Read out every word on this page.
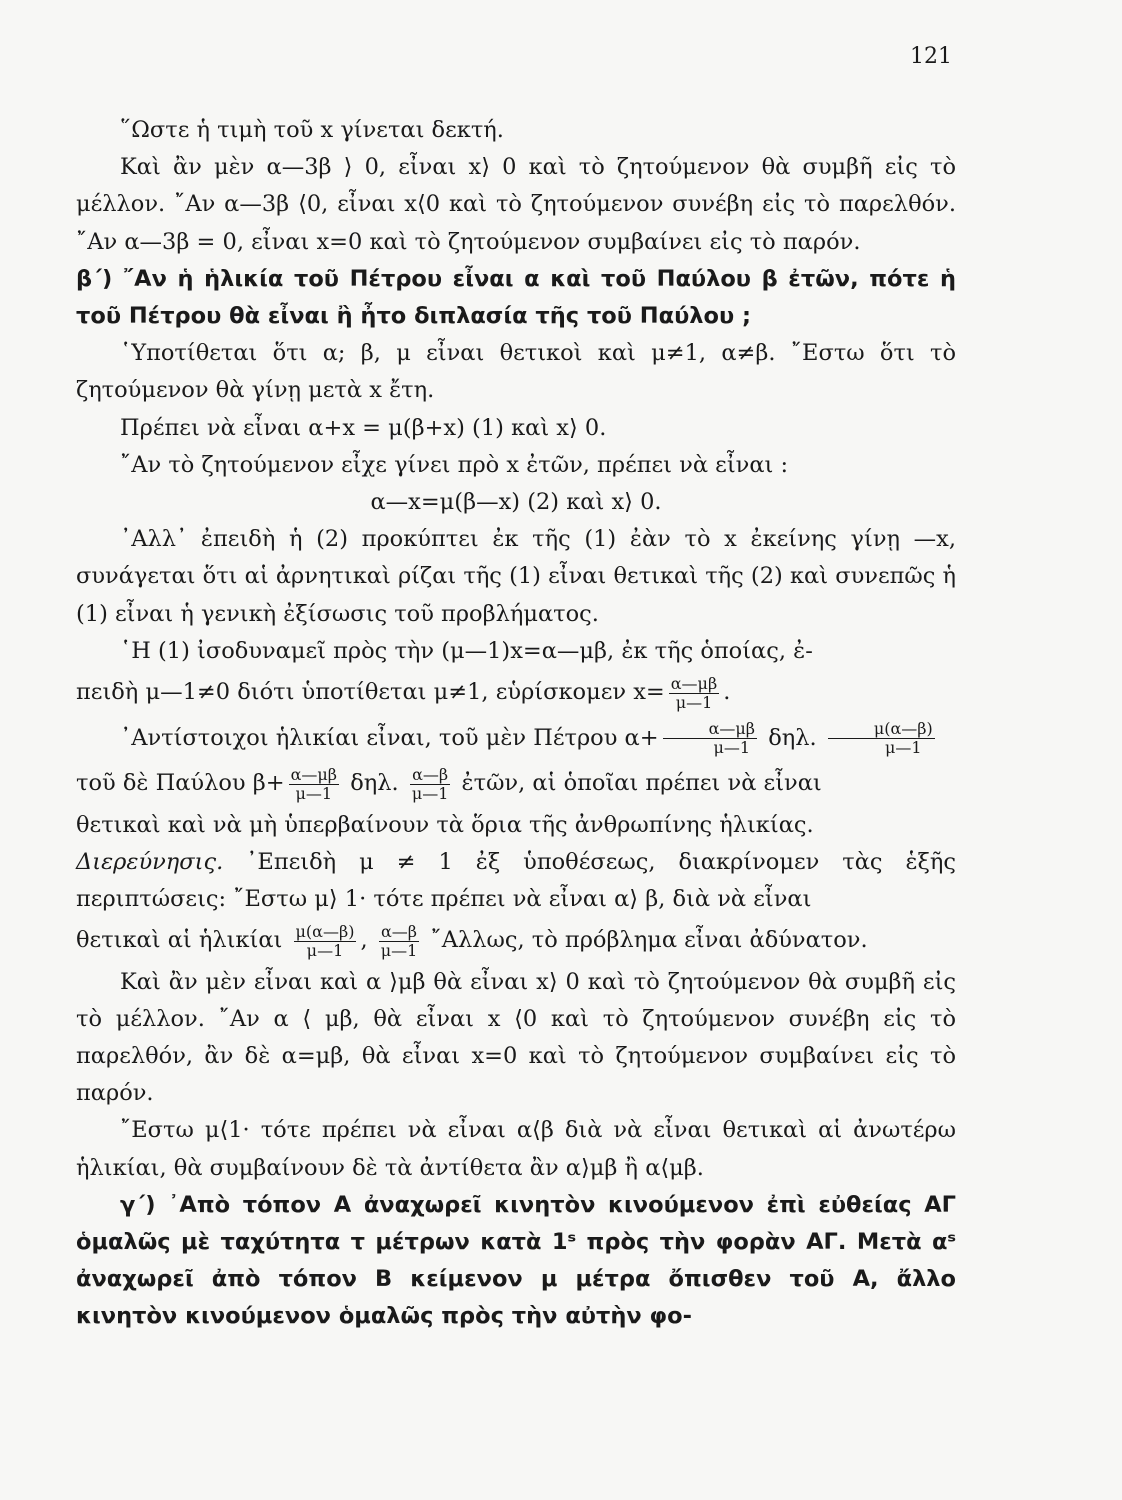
121

῞Ωστε ἡ τιμὴ τοῦ x γίνεται δεκτή.

Καὶ ἂν μὲν α—3β ⟩ 0, εἶναι x⟩ 0 καὶ τὸ ζητούμενον θὰ συμβῆ εἰς τὸ μέλλον. ῎Αν α—3β ⟨0, εἶναι x⟨0 καὶ τὸ ζητούμενον συνέβη εἰς τὸ παρελθόν. ῎Αν α—3β = 0, εἶναι x=0 καὶ τὸ ζητούμενον συμβαίνει εἰς τὸ παρόν.

β΄) ῎Αν ἡ ἡλικία τοῦ Πέτρου εἶναι α καὶ τοῦ Παύλου β ἐτῶν, πότε ἡ τοῦ Πέτρου θὰ εἶναι ἢ ἦτο διπλασία τῆς τοῦ Παύλου ;

῾Υποτίθεται ὅτι α; β, μ εἶναι θετικοὶ καὶ μ≠1, α≠β. ῎Εστω ὅτι τὸ ζητούμενον θὰ γίνῃ μετὰ x ἔτη.

Πρέπει νὰ εἶναι α+x = μ(β+x) (1) καὶ x⟩ 0.

῎Αν τὸ ζητούμενον εἶχε γίνει πρὸ x ἐτῶν, πρέπει νὰ εἶναι :

α—x=μ(β—x) (2) καὶ x⟩ 0.

᾿Αλλ᾿ ἐπειδὴ ἡ (2) προκύπτει ἐκ τῆς (1) ἐὰν τὸ x ἐκείνης γίνῃ —x, συνάγεται ὅτι αἱ ἀρνητικαὶ ρίζαι τῆς (1) εἶναι θετικαὶ τῆς (2) καὶ συνεπῶς ἡ (1) εἶναι ἡ γενικὴ ἐξίσωσις τοῦ προβλήματος.

῾Η (1) ἰσοδυναμεῖ πρὸς τὴν (μ—1)x=α—μβ, ἐκ τῆς ὁποίας, ἐ-

πειδὴ μ—1≠0 διότι ὑποτίθεται μ≠1, εὑρίσκομεν $x= \frac{\alpha—\mu\beta}{\mu—1}$ .

᾿Αντίστοιχοι ἡλικίαι εἶναι, τοῦ μὲν Πέτρου $\alpha+ \frac{\alpha—\mu\beta}{\mu—1} \delta\eta\lambda$. $\frac{\mu(\alpha—\beta)}{\mu—1}$

τοῦ δὲ Παύλου $\beta+ \frac{\alpha—\mu\beta}{\mu—1} \delta\eta\lambda$. $\frac{\alpha—\beta}{\mu—1}$ ἐτῶν, αἱ ὁποῖαι πρέπει νὰ εἶναι

θετικαὶ καὶ νὰ μὴ ὑπερβαίνουν τὰ ὅρια τῆς ἀνθρωπίνης ἡλικίας.

Διερεύνησις. ᾿Επειδὴ μ ≠ 1 ἐξ ὑποθέσεως, διακρίνομεν τὰς ἑξῆς περιπτώσεις: ῎Εστω μ⟩ 1· τότε πρέπει νὰ εἶναι α⟩ β, διὰ νὰ εἶναι

θετικαὶ αἱ ἡλικίαι $\frac{\mu(\alpha—\beta)}{\mu—1}$ , $\frac{\alpha—\beta}{\mu—1}$ ῎Αλλως, τὸ πρόβλημα εἶναι ἀδύνατον.

Καὶ ἂν μὲν εἶναι καὶ α ⟩μβ θὰ εἶναι x⟩ 0 καὶ τὸ ζητούμενον θὰ συμβῆ εἰς τὸ μέλλον. ῎Αν α ⟨ μβ, θὰ εἶναι x ⟨0 καὶ τὸ ζητούμενον συνέβη εἰς τὸ παρελθόν, ἂν δὲ α=μβ, θὰ εἶναι x=0 καὶ τὸ ζητούμενον συμβαίνει εἰς τὸ παρόν.

῎Εστω μ⟨1· τότε πρέπει νὰ εἶναι α⟨β διὰ νὰ εἶναι θετικαὶ αἱ ἀνωτέρω ἡλικίαι, θὰ συμβαίνουν δὲ τὰ ἀντίθετα ἂν α⟩μβ ἢ α⟨μβ.

γ΄) ᾿Απὸ τόπον Α ἀναχωρεῖ κινητὸν κινούμενον ἐπὶ εὐθείας ΑΓ ὁμαλῶς μὲ ταχύτητα τ μέτρων κατὰ 1ˢ πρὸς τὴν φορὰν ΑΓ. Μετὰ αˢ ἀναχωρεῖ ἀπὸ τόπον Β κείμενον μ μέτρα ὄπισθεν τοῦ Α, ἄλλο κινητὸν κινούμενον ὁμαλῶς πρὸς τὴν αὐτὴν φο-
